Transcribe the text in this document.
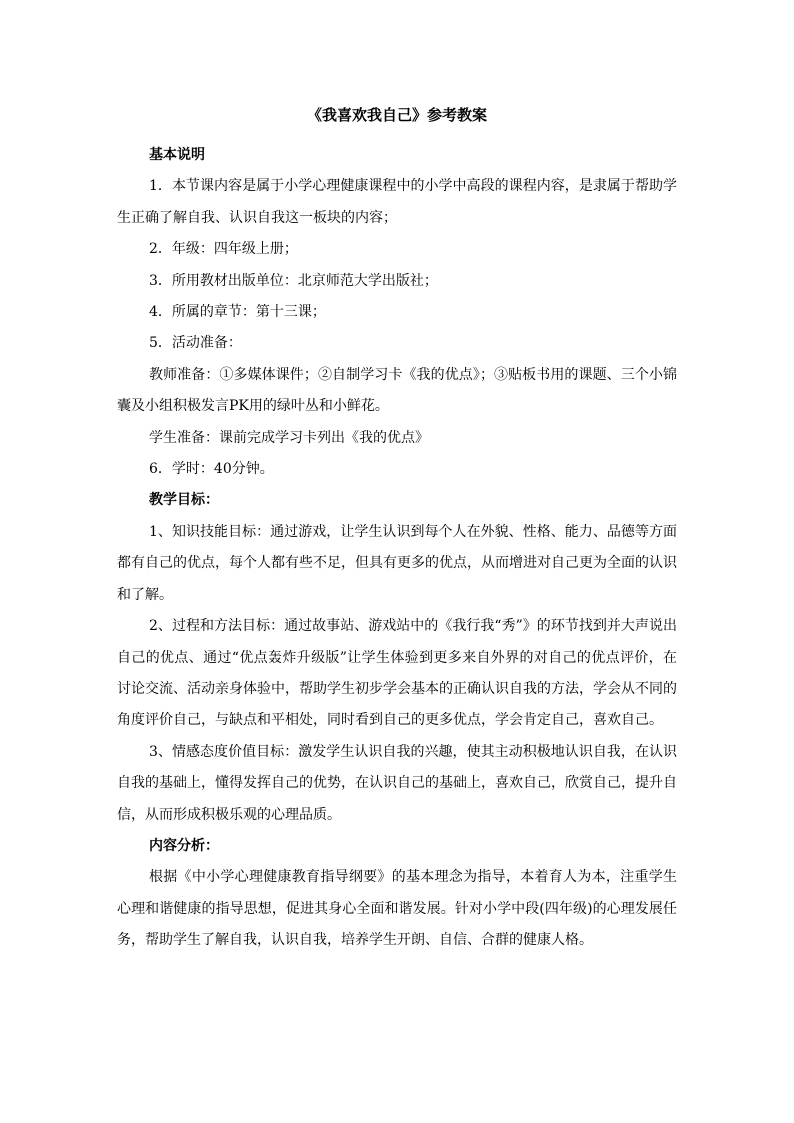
《我喜欢我自己》参考教案

基本说明

1．本节课内容是属于小学心理健康课程中的小学中高段的课程内容，是隶属于帮助学生正确了解自我、认识自我这一板块的内容；

2．年级：四年级上册；

3．所用教材出版单位：北京师范大学出版社；

4．所属的章节：第十三课；

5．活动准备：

教师准备：①多媒体课件；②自制学习卡《我的优点》；③贴板书用的课题、三个小锦囊及小组积极发言PK用的绿叶丛和小鲜花。

学生准备：课前完成学习卡列出《我的优点》

6．学时：40分钟。

教学目标：

1、知识技能目标：通过游戏，让学生认识到每个人在外貌、性格、能力、品德等方面都有自己的优点，每个人都有些不足，但具有更多的优点，从而增进对自己更为全面的认识和了解。

2、过程和方法目标：通过故事站、游戏站中的《我行我“秀”》的环节找到并大声说出自己的优点、通过“优点轰炸升级版”让学生体验到更多来自外界的对自己的优点评价，在讨论交流、活动亲身体验中，帮助学生初步学会基本的正确认识自我的方法，学会从不同的角度评价自己，与缺点和平相处，同时看到自己的更多优点，学会肯定自己，喜欢自己。

3、情感态度价值目标：激发学生认识自我的兴趣，使其主动积极地认识自我，在认识自我的基础上，懂得发挥自己的优势，在认识自己的基础上，喜欢自己，欣赏自己，提升自信，从而形成积极乐观的心理品质。

内容分析：

根据《中小学心理健康教育指导纲要》的基本理念为指导，本着育人为本，注重学生心理和谐健康的指导思想，促进其身心全面和谐发展。针对小学中段(四年级)的心理发展任务，帮助学生了解自我，认识自我，培养学生开朗、自信、合群的健康人格。
